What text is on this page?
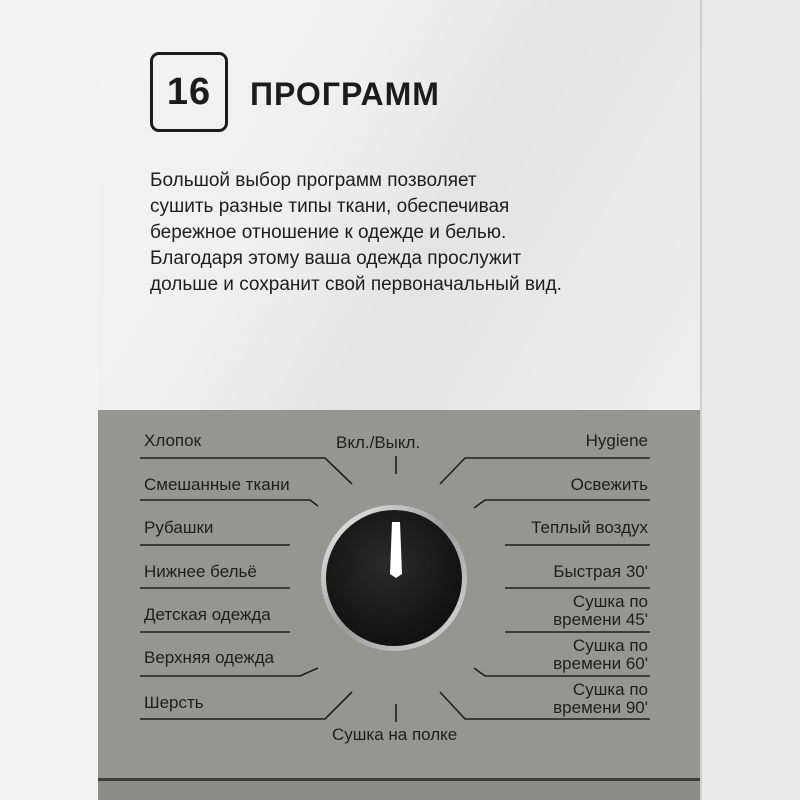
16 ПРОГРАММ
Большой выбор программ позволяет
сушить разные типы ткани, обеспечивая
бережное отношение к одежде и белью.
Благодаря этому ваша одежда прослужит
дольше и сохранит свой первоначальный вид.
Вкл./Выкл.
Сушка на полке
Хлопок
Смешанные ткани
Рубашки
Нижнее бельё
Детская одежда
Верхняя одежда
Шерсть
Hygiene
Освежить
Теплый воздух
Быстрая 30'
Сушка по
времени 45'
Сушка по
времени 60'
Сушка по
времени 90'
